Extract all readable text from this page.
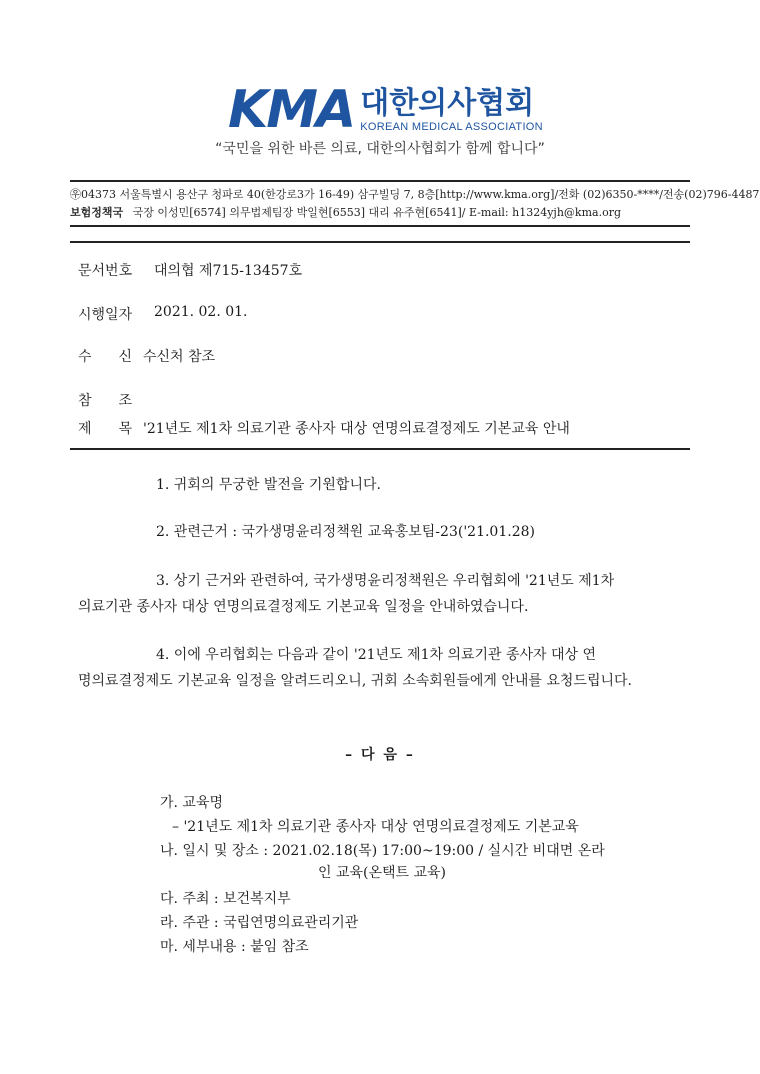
KMA 대한의사협회
KOREAN MEDICAL ASSOCIATION
“국민을 위한 바른 의료, 대한의사협회가 함께 합니다”
㉾04373 서울특별시 용산구 청파로 40(한강로3가 16-49) 삼구빌딩 7, 8층[http://www.kma.org]/전화 (02)6350-****/전송(02)796-4487
보험정책국 국장 이성민[6574] 의무법제팀장 박일현[6553] 대리 유주현[6541]/ E-mail: h1324yjh@kma.org
문서번호	대의협 제715-13457호
시행일자	2021. 02. 01.
수 신 수신처 참조
참 조
제 목 '21년도 제1차 의료기관 종사자 대상 연명의료결정제도 기본교육 안내
1. 귀회의 무궁한 발전을 기원합니다.
2. 관련근거 : 국가생명윤리정책원 교육홍보팀-23('21.01.28)
3. 상기 근거와 관련하여, 국가생명윤리정책원은 우리협회에 '21년도 제1차
의료기관 종사자 대상 연명의료결정제도 기본교육 일정을 안내하였습니다.
4. 이에 우리협회는 다음과 같이 '21년도 제1차 의료기관 종사자 대상 연
명의료결정제도 기본교육 일정을 알려드리오니, 귀회 소속회원들에게 안내를 요청드립니다.
– 다 음 –
가. 교육명
– '21년도 제1차 의료기관 종사자 대상 연명의료결정제도 기본교육
나. 일시 및 장소 : 2021.02.18(목) 17:00~19:00 / 실시간 비대면 온라
인 교육(온택트 교육)
다. 주최 : 보건복지부
라. 주관 : 국립연명의료관리기관
마. 세부내용 : 붙임 참조
